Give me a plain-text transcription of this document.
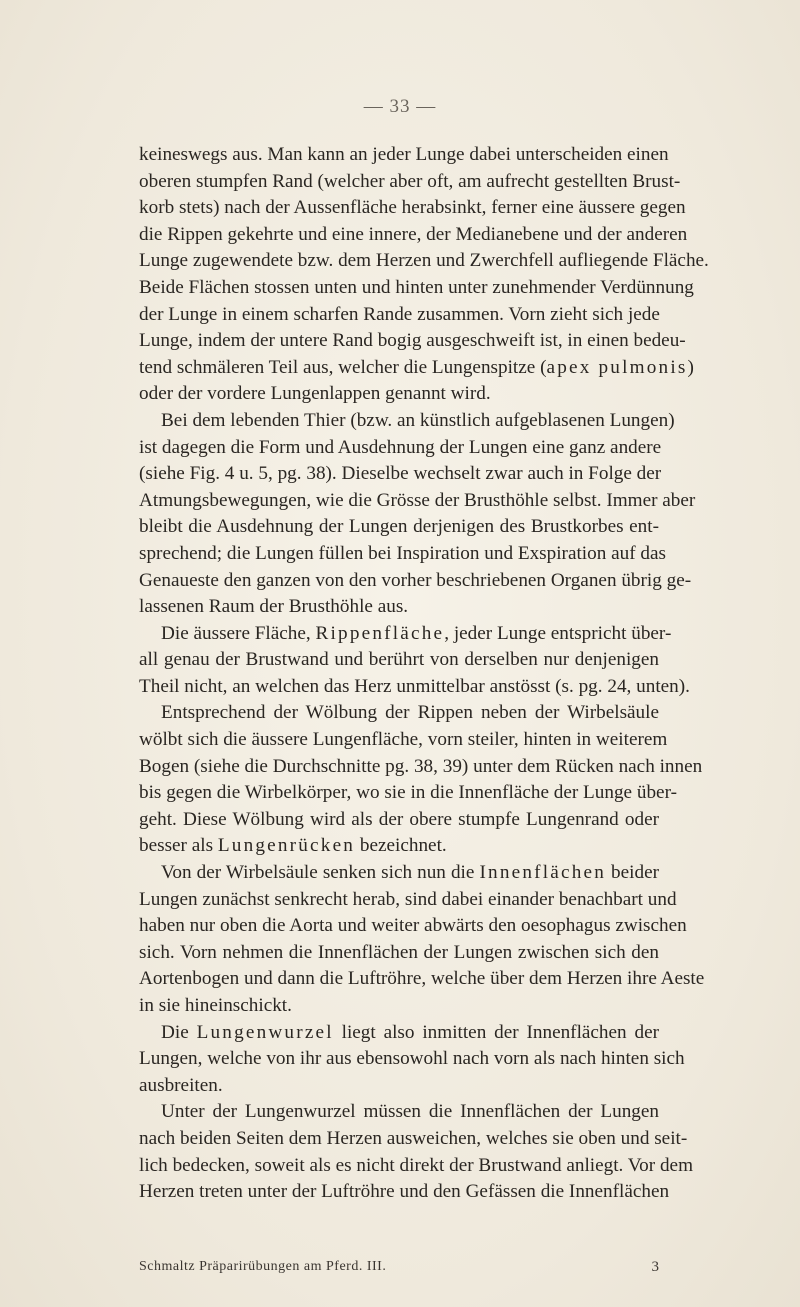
— 33 —
keineswegs aus. Man kann an jeder Lunge dabei unterscheiden einen
oberen stumpfen Rand (welcher aber oft, am aufrecht gestellten Brust-
korb stets) nach der Aussenfläche herabsinkt, ferner eine äussere gegen
die Rippen gekehrte und eine innere, der Medianebene und der anderen
Lunge zugewendete bzw. dem Herzen und Zwerchfell aufliegende Fläche.
Beide Flächen stossen unten und hinten unter zunehmender Verdünnung
der Lunge in einem scharfen Rande zusammen. Vorn zieht sich jede
Lunge, indem der untere Rand bogig ausgeschweift ist, in einen bedeu-
tend schmäleren Teil aus, welcher die Lungenspitze (apex pulmonis)
oder der vordere Lungenlappen genannt wird.
Bei dem lebenden Thier (bzw. an künstlich aufgeblasenen Lungen)
ist dagegen die Form und Ausdehnung der Lungen eine ganz andere
(siehe Fig. 4 u. 5, pg. 38). Dieselbe wechselt zwar auch in Folge der
Atmungsbewegungen, wie die Grösse der Brusthöhle selbst. Immer aber
bleibt die Ausdehnung der Lungen derjenigen des Brustkorbes ent-
sprechend; die Lungen füllen bei Inspiration und Exspiration auf das
Genaueste den ganzen von den vorher beschriebenen Organen übrig ge-
lassenen Raum der Brusthöhle aus.
Die äussere Fläche, Rippenfläche, jeder Lunge entspricht über-
all genau der Brustwand und berührt von derselben nur denjenigen
Theil nicht, an welchen das Herz unmittelbar anstösst (s. pg. 24, unten).
Entsprechend der Wölbung der Rippen neben der Wirbelsäule
wölbt sich die äussere Lungenfläche, vorn steiler, hinten in weiterem
Bogen (siehe die Durchschnitte pg. 38, 39) unter dem Rücken nach innen
bis gegen die Wirbelkörper, wo sie in die Innenfläche der Lunge über-
geht. Diese Wölbung wird als der obere stumpfe Lungenrand oder
besser als Lungenrücken bezeichnet.
Von der Wirbelsäule senken sich nun die Innenflächen beider
Lungen zunächst senkrecht herab, sind dabei einander benachbart und
haben nur oben die Aorta und weiter abwärts den oesophagus zwischen
sich. Vorn nehmen die Innenflächen der Lungen zwischen sich den
Aortenbogen und dann die Luftröhre, welche über dem Herzen ihre Aeste
in sie hineinschickt.
Die Lungenwurzel liegt also inmitten der Innenflächen der
Lungen, welche von ihr aus ebensowohl nach vorn als nach hinten sich
ausbreiten.
Unter der Lungenwurzel müssen die Innenflächen der Lungen
nach beiden Seiten dem Herzen ausweichen, welches sie oben und seit-
lich bedecken, soweit als es nicht direkt der Brustwand anliegt. Vor dem
Herzen treten unter der Luftröhre und den Gefässen die Innenflächen
Schmaltz Präparirübungen am Pferd. III.	3
